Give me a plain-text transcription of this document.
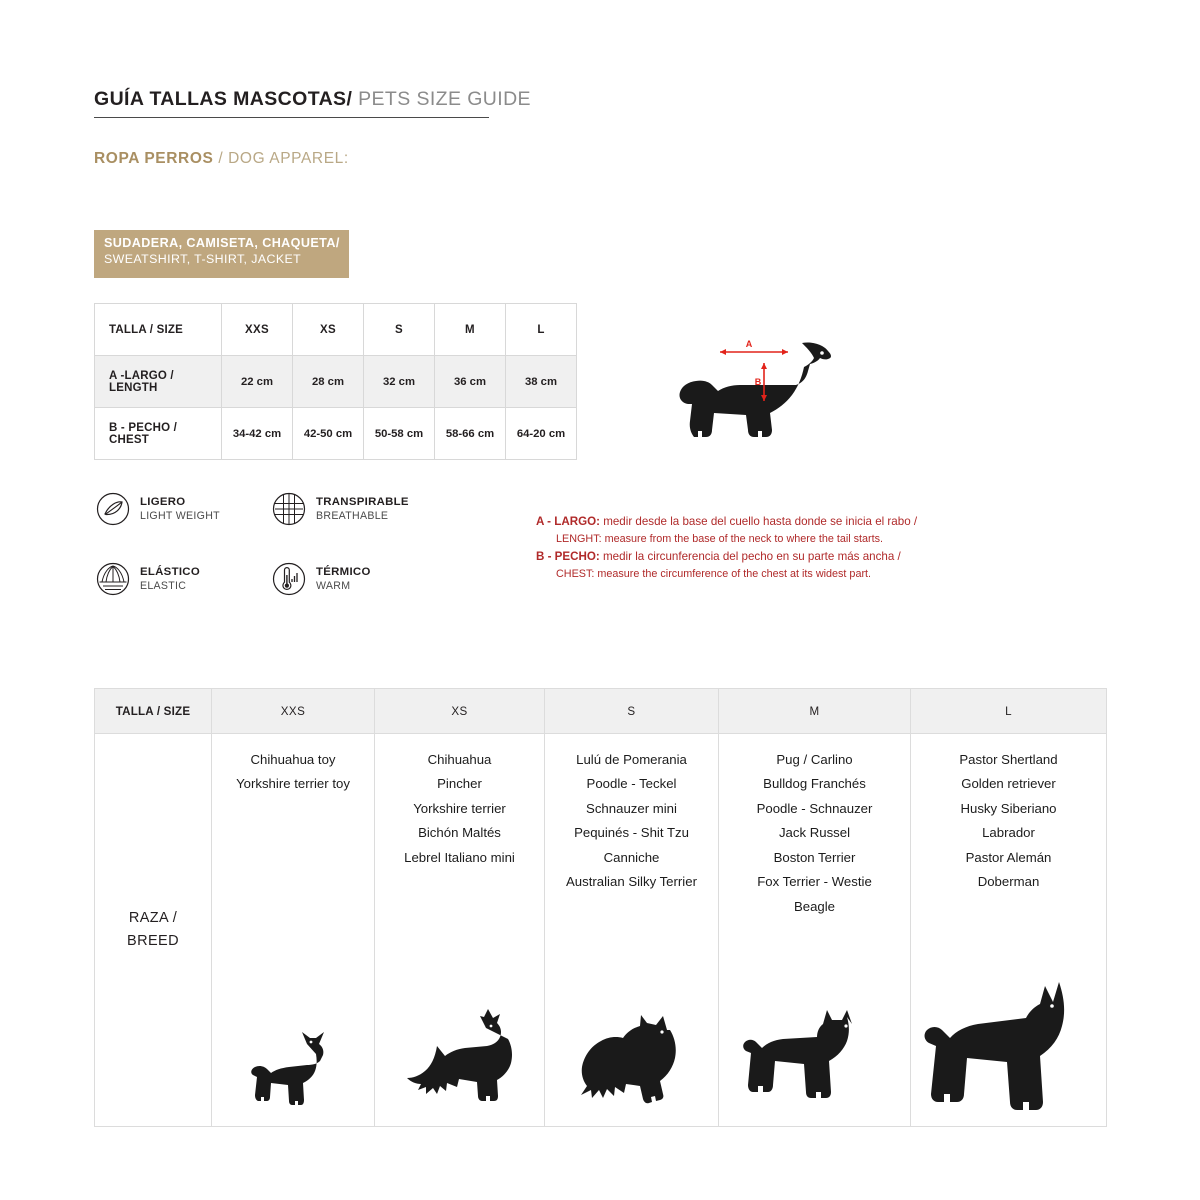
GUÍA TALLAS MASCOTAS/ PETS SIZE GUIDE
ROPA PERROS / DOG APPAREL:
SUDADERA, CAMISETA, CHAQUETA/
SWEATSHIRT, T-SHIRT, JACKET
TALLA / SIZE	XXS	XS	S	M	L
A -LARGO / LENGTH	22 cm	28 cm	32 cm	36 cm	38 cm
B - PECHO / CHEST	34-42 cm	42-50 cm	50-58 cm	58-66 cm	64-20 cm
LIGERO
LIGHT WEIGHT
TRANSPIRABLE
BREATHABLE
ELÁSTICO
ELASTIC
TÉRMICO
WARM
A
B
A - LARGO: medir desde la base del cuello hasta donde se inicia el rabo /
LENGHT: measure from the base of the neck to where the tail starts.
B - PECHO: medir la circunferencia del pecho en su parte más ancha /
CHEST: measure the circumference of the chest at its widest part.
TALLA / SIZE	XXS	XS	S	M	L

RAZA /
BREED

Chihuahua toy
Yorkshire terrier toy

Chihuahua
Pincher
Yorkshire terrier
Bichón Maltés
Lebrel Italiano mini

Lulú de Pomerania
Poodle - Teckel
Schnauzer mini
Pequinés - Shit Tzu
Canniche
Australian Silky Terrier

Pug / Carlino
Bulldog Franchés
Poodle - Schnauzer
Jack Russel
Boston Terrier
Fox Terrier - Westie
Beagle

Pastor Shertland
Golden retriever
Husky Siberiano
Labrador
Pastor Alemán
Doberman
